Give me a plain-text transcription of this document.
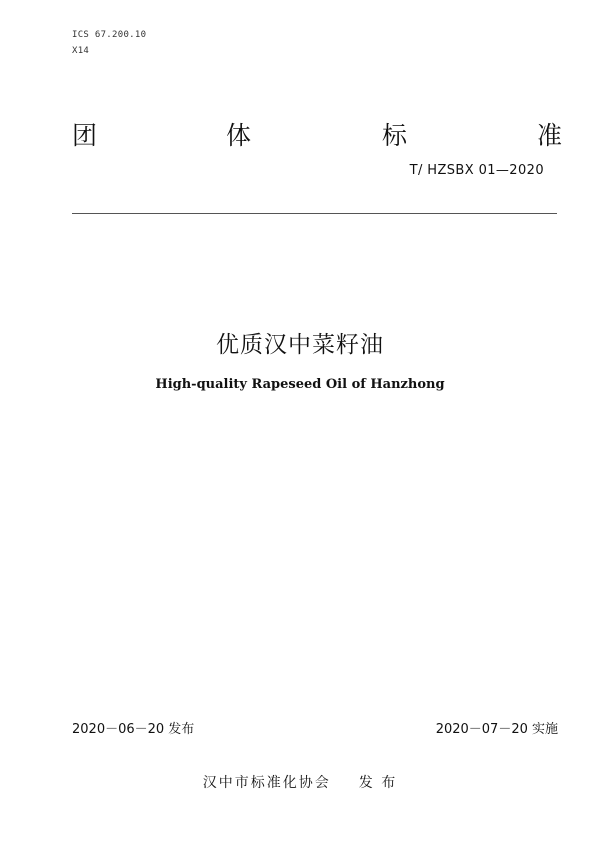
ICS 67.200.10
X14
团	体	标	准
T/ HZSBX 01—2020
优质汉中菜籽油
High-quality Rapeseed Oil of Hanzhong
2020－06－20 发布	2020－07－20 实施
汉中市标准化协会 发 布
